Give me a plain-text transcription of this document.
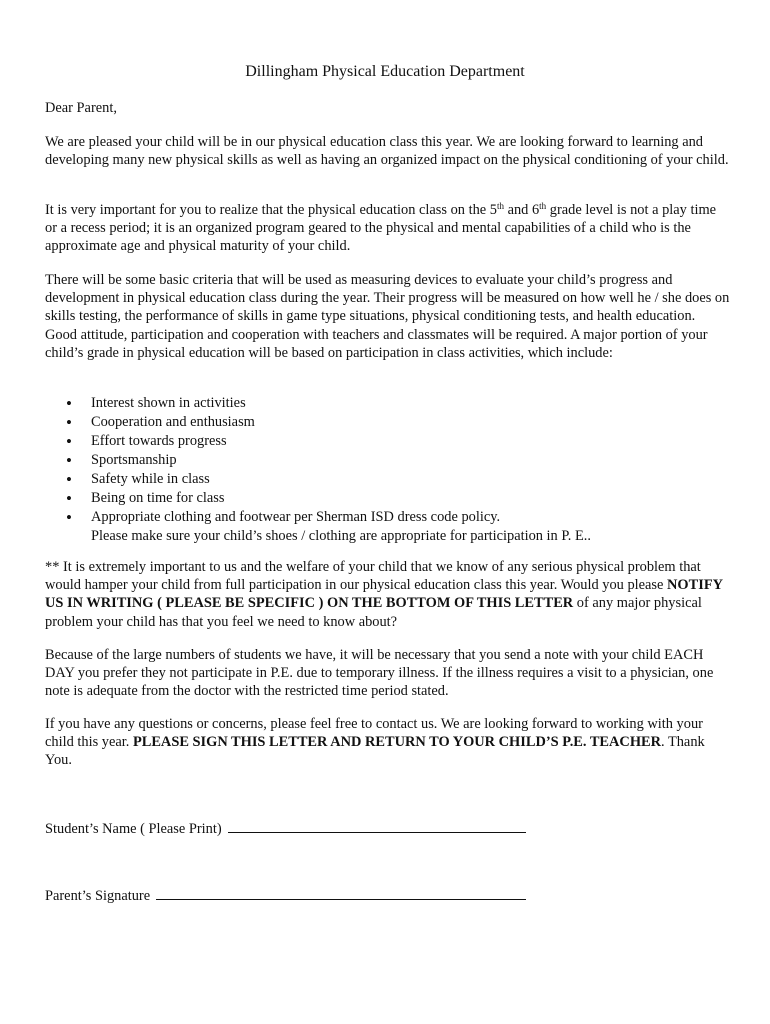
Dillingham Physical Education Department

Dear Parent,

We are pleased your child will be in our physical education class this year. We are looking forward to learning and developing many new physical skills as well as having an organized impact on the physical conditioning of your child.

It is very important for you to realize that the physical education class on the 5th and 6th grade level is not a play time or a recess period; it is an organized program geared to the physical and mental capabilities of a child who is the approximate age and physical maturity of your child.

There will be some basic criteria that will be used as measuring devices to evaluate your child’s progress and development in physical education class during the year. Their progress will be measured on how well he / she does on skills testing, the performance of skills in game type situations, physical conditioning tests, and health education. Good attitude, participation and cooperation with teachers and classmates will be required. A major portion of your child’s grade in physical education will be based on participation in class activities, which include:

• Interest shown in activities
• Cooperation and enthusiasm
• Effort towards progress
• Sportsmanship
• Safety while in class
• Being on time for class
• Appropriate clothing and footwear per Sherman ISD dress code policy.
Please make sure your child’s shoes / clothing are appropriate for participation in P. E..

** It is extremely important to us and the welfare of your child that we know of any serious physical problem that would hamper your child from full participation in our physical education class this year. Would you please NOTIFY US IN WRITING ( PLEASE BE SPECIFIC ) ON THE BOTTOM OF THIS LETTER of any major physical problem your child has that you feel we need to know about?

Because of the large numbers of students we have, it will be necessary that you send a note with your child EACH DAY you prefer they not participate in P.E. due to temporary illness. If the illness requires a visit to a physician, one note is adequate from the doctor with the restricted time period stated.

If you have any questions or concerns, please feel free to contact us. We are looking forward to working with your child this year. PLEASE SIGN THIS LETTER AND RETURN TO YOUR CHILD’S P.E. TEACHER. Thank You.

Student’s Name ( Please Print)
Parent’s Signature
